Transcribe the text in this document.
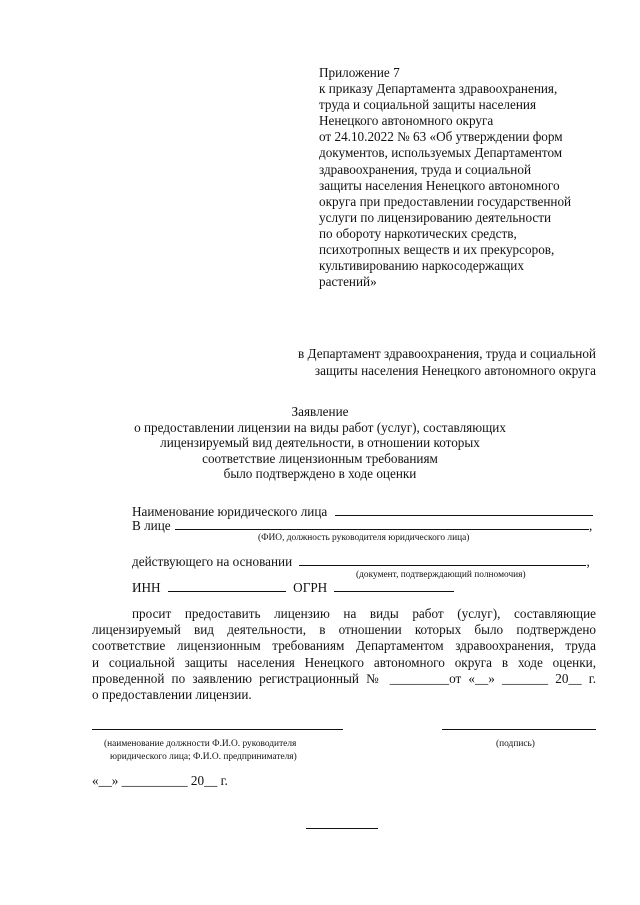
Приложение 7
к приказу Департамента здравоохранения,
труда и социальной защиты населения
Ненецкого автономного округа
от 24.10.2022 № 63 «Об утверждении форм
документов, используемых Департаментом
здравоохранения, труда и социальной
защиты населения Ненецкого автономного
округа при предоставлении государственной
услуги по лицензированию деятельности
по обороту наркотических средств,
психотропных веществ и их прекурсоров,
культивированию наркосодержащих
растений»
в Департамент здравоохранения, труда и социальной
защиты населения Ненецкого автономного округа
Заявление
о предоставлении лицензии на виды работ (услуг), составляющих
лицензируемый вид деятельности, в отношении которых
соответствие лицензионным требованиям
было подтверждено в ходе оценки
Наименование юридического лица
В лице	,
(ФИО, должность руководителя юридического лица)
действующего на основании	,
(документ, подтверждающий полномочия)
ИНН	ОГРН
просит предоставить лицензию на виды работ (услуг), составляющие
лицензируемый вид деятельности, в отношении которых было подтверждено
соответствие лицензионным требованиям Департаментом здравоохранения, труда
и социальной защиты населения Ненецкого автономного округа в ходе оценки,
проведенной по заявлению регистрационный № _________от «__» _______ 20__ г.
о предоставлении лицензии.
(наименование должности Ф.И.О. руководителя
юридического лица; Ф.И.О. предпринимателя)
(подпись)
«__» __________ 20__ г.
